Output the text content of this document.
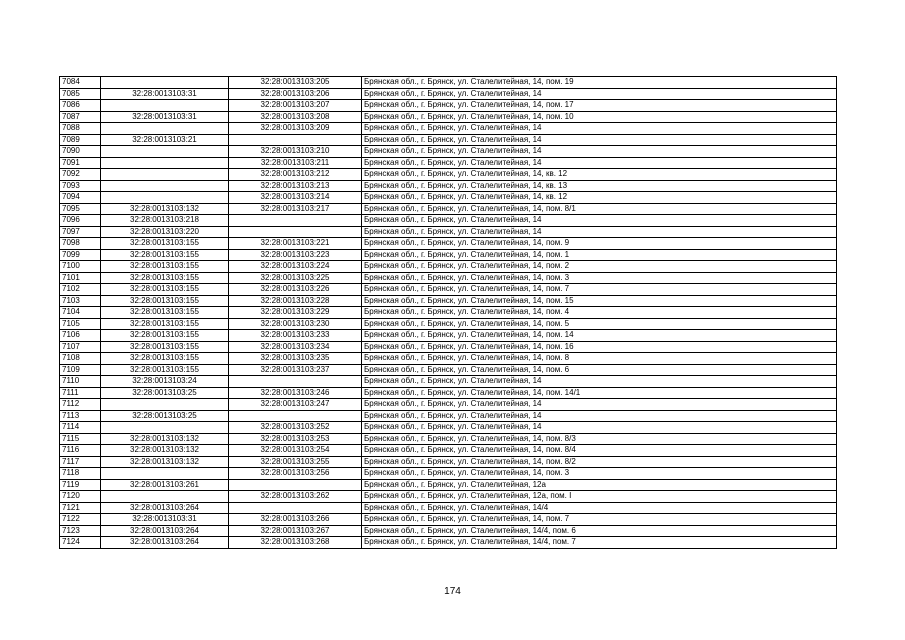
7084		32:28:0013103:205	Брянская обл., г. Брянск, ул. Сталелитейная, 14, пом. 19
7085	32:28:0013103:31	32:28:0013103:206	Брянская обл., г. Брянск, ул. Сталелитейная, 14
7086		32:28:0013103:207	Брянская обл., г. Брянск, ул. Сталелитейная, 14, пом. 17
7087	32:28:0013103:31	32:28:0013103:208	Брянская обл., г. Брянск, ул. Сталелитейная, 14, пом. 10
7088		32:28:0013103:209	Брянская обл., г. Брянск, ул. Сталелитейная, 14
7089	32:28:0013103:21		Брянская обл., г. Брянск, ул. Сталелитейная, 14
7090		32:28:0013103:210	Брянская обл., г. Брянск, ул. Сталелитейная, 14
7091		32:28:0013103:211	Брянская обл., г. Брянск, ул. Сталелитейная, 14
7092		32:28:0013103:212	Брянская обл., г. Брянск, ул. Сталелитейная, 14, кв. 12
7093		32:28:0013103:213	Брянская обл., г. Брянск, ул. Сталелитейная, 14, кв. 13
7094		32:28:0013103:214	Брянская обл., г. Брянск, ул. Сталелитейная, 14, кв. 12
7095	32:28:0013103:132	32:28:0013103:217	Брянская обл., г. Брянск, ул. Сталелитейная, 14, пом. 8/1
7096	32:28:0013103:218		Брянская обл., г. Брянск, ул. Сталелитейная, 14
7097	32:28:0013103:220		Брянская обл., г. Брянск, ул. Сталелитейная, 14
7098	32:28:0013103:155	32:28:0013103:221	Брянская обл., г. Брянск, ул. Сталелитейная, 14, пом. 9
7099	32:28:0013103:155	32:28:0013103:223	Брянская обл., г. Брянск, ул. Сталелитейная, 14, пом. 1
7100	32:28:0013103:155	32:28:0013103:224	Брянская обл., г. Брянск, ул. Сталелитейная, 14, пом. 2
7101	32:28:0013103:155	32:28:0013103:225	Брянская обл., г. Брянск, ул. Сталелитейная, 14, пом. 3
7102	32:28:0013103:155	32:28:0013103:226	Брянская обл., г. Брянск, ул. Сталелитейная, 14, пом. 7
7103	32:28:0013103:155	32:28:0013103:228	Брянская обл., г. Брянск, ул. Сталелитейная, 14, пом. 15
7104	32:28:0013103:155	32:28:0013103:229	Брянская обл., г. Брянск, ул. Сталелитейная, 14, пом. 4
7105	32:28:0013103:155	32:28:0013103:230	Брянская обл., г. Брянск, ул. Сталелитейная, 14, пом. 5
7106	32:28:0013103:155	32:28:0013103:233	Брянская обл., г. Брянск, ул. Сталелитейная, 14, пом. 14
7107	32:28:0013103:155	32:28:0013103:234	Брянская обл., г. Брянск, ул. Сталелитейная, 14, пом. 16
7108	32:28:0013103:155	32:28:0013103:235	Брянская обл., г. Брянск, ул. Сталелитейная, 14, пом. 8
7109	32:28:0013103:155	32:28:0013103:237	Брянская обл., г. Брянск, ул. Сталелитейная, 14, пом. 6
7110	32:28:0013103:24		Брянская обл., г. Брянск, ул. Сталелитейная, 14
7111	32:28:0013103:25	32:28:0013103:246	Брянская обл., г. Брянск, ул. Сталелитейная, 14, пом. 14/1
7112		32:28:0013103:247	Брянская обл., г. Брянск, ул. Сталелитейная, 14
7113	32:28:0013103:25		Брянская обл., г. Брянск, ул. Сталелитейная, 14
7114		32:28:0013103:252	Брянская обл., г. Брянск, ул. Сталелитейная, 14
7115	32:28:0013103:132	32:28:0013103:253	Брянская обл., г. Брянск, ул. Сталелитейная, 14, пом. 8/3
7116	32:28:0013103:132	32:28:0013103:254	Брянская обл., г. Брянск, ул. Сталелитейная, 14, пом. 8/4
7117	32:28:0013103:132	32:28:0013103:255	Брянская обл., г. Брянск, ул. Сталелитейная, 14, пом. 8/2
7118		32:28:0013103:256	Брянская обл., г. Брянск, ул. Сталелитейная, 14, пом. 3
7119	32:28:0013103:261		Брянская обл., г. Брянск, ул. Сталелитейная, 12а
7120		32:28:0013103:262	Брянская обл., г. Брянск, ул. Сталелитейная, 12а, пом. I
7121	32:28:0013103:264		Брянская обл., г. Брянск, ул. Сталелитейная, 14/4
7122	32:28:0013103:31	32:28:0013103:266	Брянская обл., г. Брянск, ул. Сталелитейная, 14, пом. 7
7123	32:28:0013103:264	32:28:0013103:267	Брянская обл., г. Брянск, ул. Сталелитейная, 14/4, пом. 6
7124	32:28:0013103:264	32:28:0013103:268	Брянская обл., г. Брянск, ул. Сталелитейная, 14/4, пом. 7
174
